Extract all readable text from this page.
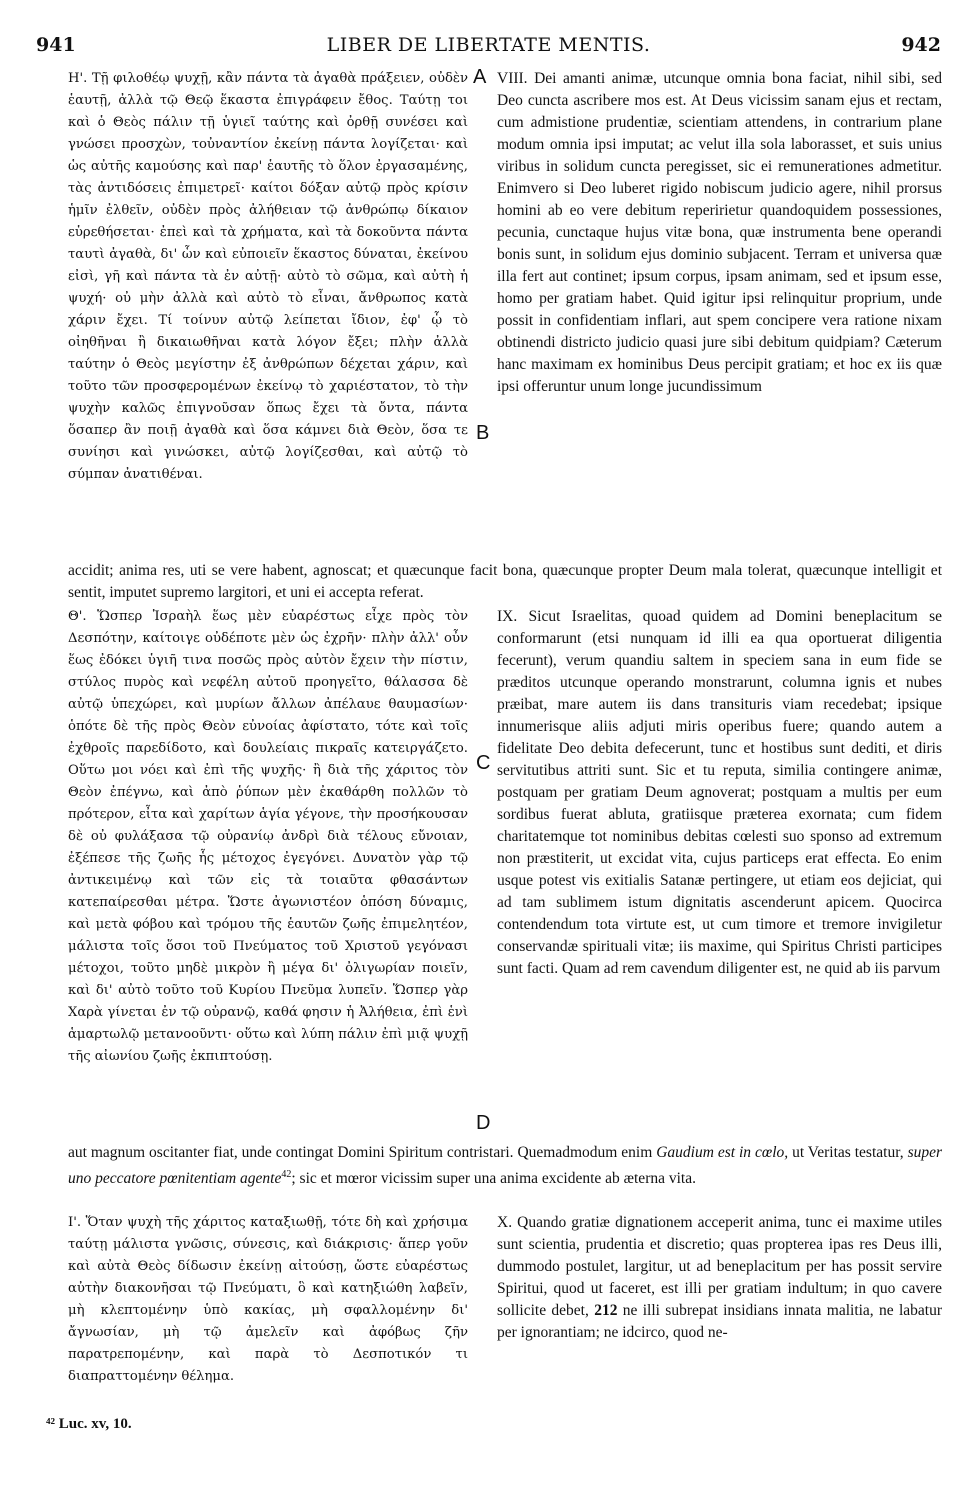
941	LIBER DE LIBERTATE MENTIS.	942
Η'. Τῇ φιλοθέῳ ψυχῇ, κἂν πάντα τὰ ἀγαθὰ πράξειεν, οὐδὲν ἑαυτῇ, ἀλλὰ τῷ Θεῷ ἕκαστα ἐπιγράφειν ἔθος. Ταύτῃ τοι καὶ ὁ Θεὸς πάλιν τῇ ὑγιεῖ ταύτης καὶ ὀρθῇ συνέσει καὶ γνώσει προσχὼν, τοὐναντίον ἐκείνῃ πάντα λογίζεται· καὶ ὡς αὐτῆς καμούσης καὶ παρ' ἑαυτῆς τὸ ὅλον ἐργασαμένης, τὰς ἀντιδόσεις ἐπιμετρεῖ· καίτοι δόξαν αὐτῷ πρὸς κρίσιν ἡμῖν ἐλθεῖν, οὐδὲν πρὸς ἀλήθειαν τῷ ἀνθρώπῳ δίκαιον εὑρεθήσεται· ἐπεὶ καὶ τὰ χρήματα, καὶ τὰ δοκοῦντα πάντα ταυτὶ ἀγαθὰ, δι' ὧν καὶ εὐποιεῖν ἕκαστος δύναται, ἐκείνου εἰσὶ, γῆ καὶ πάντα τὰ ἐν αὐτῇ· αὐτὸ τὸ σῶμα, καὶ αὐτὴ ἡ ψυχή· οὐ μὴν ἀλλὰ καὶ αὐτὸ τὸ εἶναι, ἄνθρωπος κατὰ χάριν ἔχει. Τί τοίνυν αὐτῷ λείπεται ἴδιον, ἐφ' ᾧ τὸ οἰηθῆναι ἢ δικαιωθῆναι κατὰ λόγον ἔξει; πλὴν ἀλλὰ ταύτην ὁ Θεὸς μεγίστην ἐξ ἀνθρώπων δέχεται χάριν, καὶ τοῦτο τῶν προσφερομένων ἐκείνῳ τὸ χαριέστατον, τὸ τὴν ψυχὴν καλῶς ἐπιγνοῦσαν ὅπως ἔχει τὰ ὄντα, πάντα ὅσαπερ ἂν ποιῇ ἀγαθὰ καὶ ὅσα κάμνει διὰ Θεὸν, ὅσα τε συνίησι καὶ γινώσκει, αὐτῷ λογίζεσθαι, καὶ αὐτῷ τὸ σύμπαν ἀνατιθέναι.
VIII. Dei amanti animæ, utcunque omnia bona faciat, nihil sibi, sed Deo cuncta ascribere mos est. At Deus vicissim sanam ejus et rectam, cum admistione prudentiæ, scientiam attendens, in contrarium plane modum omnia ipsi imputat; ac velut illa sola laborasset, et suis unius viribus in solidum cuncta peregisset, sic ei remunerationes admetitur. Enimvero si Deo luberet rigido nobiscum judicio agere, nihil prorsus homini ab eo vere debitum reperirietur quandoquidem possessiones, pecunia, cunctaque hujus vitæ bona, quæ instrumenta bene operandi bonis sunt, in solidum ejus dominio subjacent. Terram et universa quæ illa fert aut continet; ipsum corpus, ipsam animam, sed et ipsum esse, homo per gratiam habet. Quid igitur ipsi relinquitur proprium, unde possit in confidentiam inflari, aut spem concipere vera ratione nixam obtinendi districto judicio quasi jure sibi debitum quidpiam? Cæterum hanc maximam ex hominibus Deus percipit gratiam; et hoc ex iis quæ ipsi offeruntur unum longe jucundissimum
accidit; anima res, uti se vere habent, agnoscat; et quæcunque facit bona, quæcunque propter Deum mala tolerat, quæcunque intelligit et sentit, imputet supremo largitori, et uni ei accepta referat.
Θ'. Ὥσπερ Ἰσραὴλ ἕως μὲν εὐαρέστως εἶχε πρὸς τὸν Δεσπότην, καίτοιγε οὐδέποτε μὲν ὡς ἐχρῆν· πλὴν ἀλλ' οὖν ἕως ἐδόκει ὑγιῆ τινα ποσῶς πρὸς αὐτὸν ἔχειν τὴν πίστιν, στύλος πυρὸς καὶ νεφέλη αὐτοῦ προηγεῖτο, θάλασσα δὲ αὐτῷ ὑπεχώρει, καὶ μυρίων ἄλλων ἀπέλαυε θαυμασίων· ὁπότε δὲ τῆς πρὸς Θεὸν εὐνοίας ἀφίστατο, τότε καὶ τοῖς ἐχθροῖς παρεδίδοτο, καὶ δουλείαις πικραῖς κατειργάζετο. Οὕτω μοι νόει καὶ ἐπὶ τῆς ψυχῆς· ἢ διὰ τῆς χάριτος τὸν Θεὸν ἐπέγνω, καὶ ἀπὸ ῥύπων μὲν ἐκαθάρθη πολλῶν τὸ πρότερον, εἶτα καὶ χαρίτων ἁγία γέγονε, τὴν προσήκουσαν δὲ οὐ φυλάξασα τῷ οὐρανίῳ ἀνδρὶ διὰ τέλους εὔνοιαν, ἐξέπεσε τῆς ζωῆς ἧς μέτοχος ἐγεγόνει. Δυνατὸν γὰρ τῷ ἀντικειμένῳ καὶ τῶν εἰς τὰ τοιαῦτα φθασάντων κατεπαίρεσθαι μέτρα. Ὥστε ἀγωνιστέον ὁπόση δύναμις, καὶ μετὰ φόβου καὶ τρόμου τῆς ἑαυτῶν ζωῆς ἐπιμελητέον, μάλιστα τοῖς ὅσοι τοῦ Πνεύματος τοῦ Χριστοῦ γεγόνασι μέτοχοι, τοῦτο μηδὲ μικρὸν ἢ μέγα δι' ὀλιγωρίαν ποιεῖν, καὶ δι' αὐτὸ τοῦτο τοῦ Κυρίου Πνεῦμα λυπεῖν. Ὥσπερ γὰρ Χαρὰ γίνεται ἐν τῷ οὐρανῷ, καθά φησιν ἡ Ἀλήθεια, ἐπὶ ἑνὶ ἁμαρτωλῷ μετανοοῦντι· οὕτω καὶ λύπη πάλιν ἐπὶ μιᾷ ψυχῇ τῆς αἰωνίου ζωῆς ἐκπιπτούσῃ.
IX. Sicut Israelitas, quoad quidem ad Domini beneplacitum se conformarunt (etsi nunquam id illi ea qua oportuerat diligentia fecerunt), verum quandiu saltem in speciem sana in eum fide se præditos utcunque operando monstrarunt, columna ignis et nubes præibat, mare autem iis dans transituris viam recedebat; ipsique innumerisque aliis adjuti miris operibus fuere; quando autem a fidelitate Deo debita defecerunt, tunc et hostibus sunt dediti, et diris servitutibus attriti sunt. Sic et tu reputa, similia contingere animæ, postquam per gratiam Deum agnoverat; postquam a multis per eum sordibus fuerat abluta, gratiisque præterea exornata; cum fidem charitatemque tot nominibus debitas cœlesti suo sponso ad extremum non præstiterit, ut excidat vita, cujus particeps erat effecta. Eo enim usque potest vis exitialis Satanæ pertingere, ut etiam eos dejiciat, qui ad tam sublimem istum dignitatis ascenderunt apicem. Quocirca contendendum tota virtute est, ut cum timore et tremore invigiletur conservandæ spirituali vitæ; iis maxime, qui Spiritus Christi participes sunt facti. Quam ad rem cavendum diligenter est, ne quid ab iis parvum
aut magnum oscitanter fiat, unde contingat Domini Spiritum contristari. Quemadmodum enim Gaudium est in cœlo, ut Veritas testatur, super uno peccatore pœnitentiam agente$^{42}$; sic et mœror vicissim super una anima excidente ab æterna vita.
Ι'. Ὅταν ψυχὴ τῆς χάριτος καταξιωθῇ, τότε δὴ καὶ χρήσιμα ταύτῃ μάλιστα γνῶσις, σύνεσις, καὶ διάκρισις· ἅπερ γοῦν καὶ αὐτὰ Θεὸς δίδωσιν ἐκείνῃ αἰτούσῃ, ὥστε εὐαρέστως αὐτὴν διακονῆσαι τῷ Πνεύματι, ὃ καὶ κατηξιώθη λαβεῖν, μὴ κλεπτομένην ὑπὸ κακίας, μὴ σφαλλομένην δι' ἄγνωσίαν, μὴ τῷ ἀμελεῖν καὶ ἀφόβως ζῆν παρατρεπομένην, καὶ παρὰ τὸ Δεσποτικόν τι διαπραττομένην θέλημα.
X. Quando gratiæ dignationem acceperit anima, tunc ei maxime utiles sunt scientia, prudentia et discretio; quas propterea ipas res Deus illi, dummodo postulet, largitur, ut ad beneplacitum per has possit servire Spiritui, quod ut faceret, est illi per gratiam indultum; in quo cavere sollicite debet, 212 ne illi subrepat insidians innata malitia, ne labatur per ignorantiam; ne idcirco, quod ne-
A
B
C
D
⁴² Luc. xv, 10.
